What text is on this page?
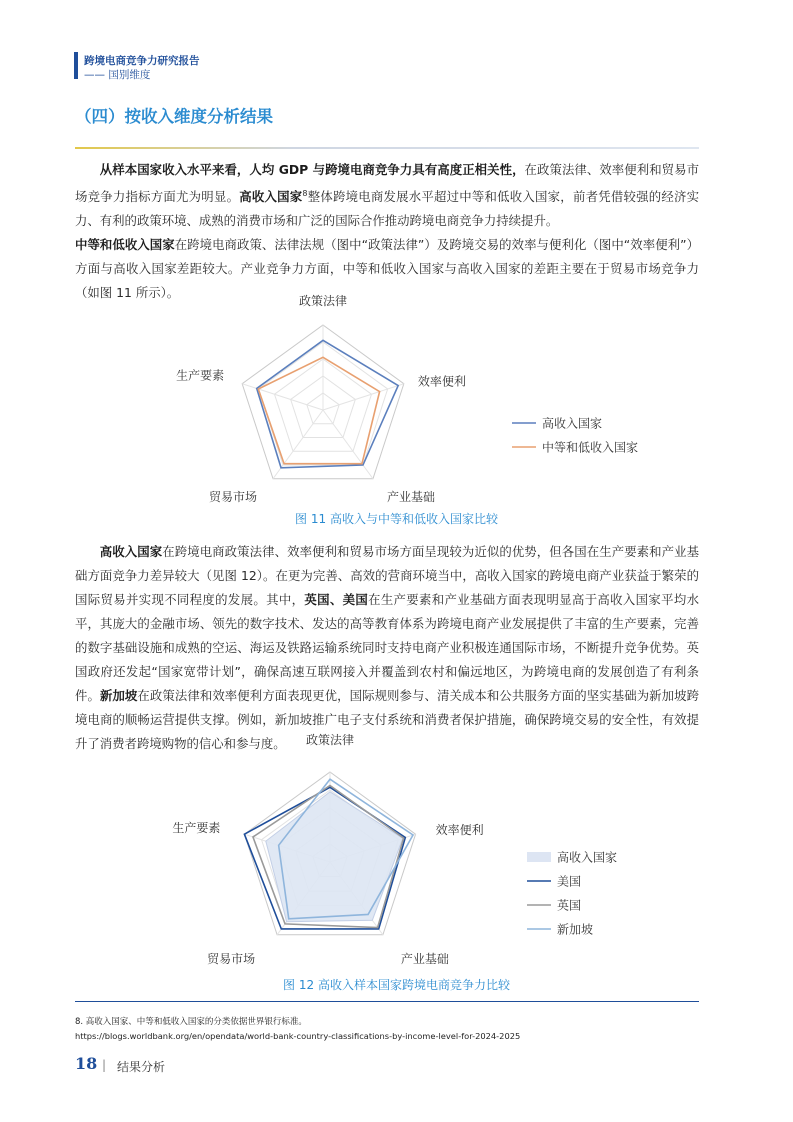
跨境电商竞争力研究报告
—— 国别维度
（四）按收入维度分析结果

从样本国家收入水平来看，人均 GDP 与跨境电商竞争力具有高度正相关性，在政策法律、效率便利和贸易市场竞争力指标方面尤为明显。高收入国家$^8$整体跨境电商发展水平超过中等和低收入国家，前者凭借较强的经济实力、有利的政策环境、成熟的消费市场和广泛的国际合作推动跨境电商竞争力持续提升。

中等和低收入国家在跨境电商政策、法律法规（图中“政策法律”）及跨境交易的效率与便利化（图中“效率便利”）方面与高收入国家差距较大。产业竞争力方面，中等和低收入国家与高收入国家的差距主要在于贸易市场竞争力（如图 11 所示）。

政策法律
效率便利
产业基础
贸易市场
生产要素
高收入国家
中等和低收入国家
图 11 高收入与中等和低收入国家比较

高收入国家在跨境电商政策法律、效率便利和贸易市场方面呈现较为近似的优势，但各国在生产要素和产业基础方面竞争力差异较大（见图 12）。在更为完善、高效的营商环境当中，高收入国家的跨境电商产业获益于繁荣的国际贸易并实现不同程度的发展。其中，英国、美国在生产要素和产业基础方面表现明显高于高收入国家平均水平，其庞大的金融市场、领先的数字技术、发达的高等教育体系为跨境电商产业发展提供了丰富的生产要素，完善的数字基础设施和成熟的空运、海运及铁路运输系统同时支持电商产业积极连通国际市场，不断提升竞争优势。英国政府还发起“国家宽带计划”，确保高速互联网接入并覆盖到农村和偏远地区，为跨境电商的发展创造了有利条件。新加坡在政策法律和效率便利方面表现更优，国际规则参与、清关成本和公共服务方面的坚实基础为新加坡跨境电商的顺畅运营提供支撑。例如，新加坡推广电子支付系统和消费者保护措施，确保跨境交易的安全性，有效提升了消费者跨境购物的信心和参与度。	政策法律
效率便利
产业基础
贸易市场
生产要素
高收入国家
美国
英国
新加坡
图 12 高收入样本国家跨境电商竞争力比较
8. 高收入国家、中等和低收入国家的分类依据世界银行标准。
https://blogs.worldbank.org/en/opendata/world-bank-country-classifications-by-income-level-for-2024-2025
18 | 结果分析
